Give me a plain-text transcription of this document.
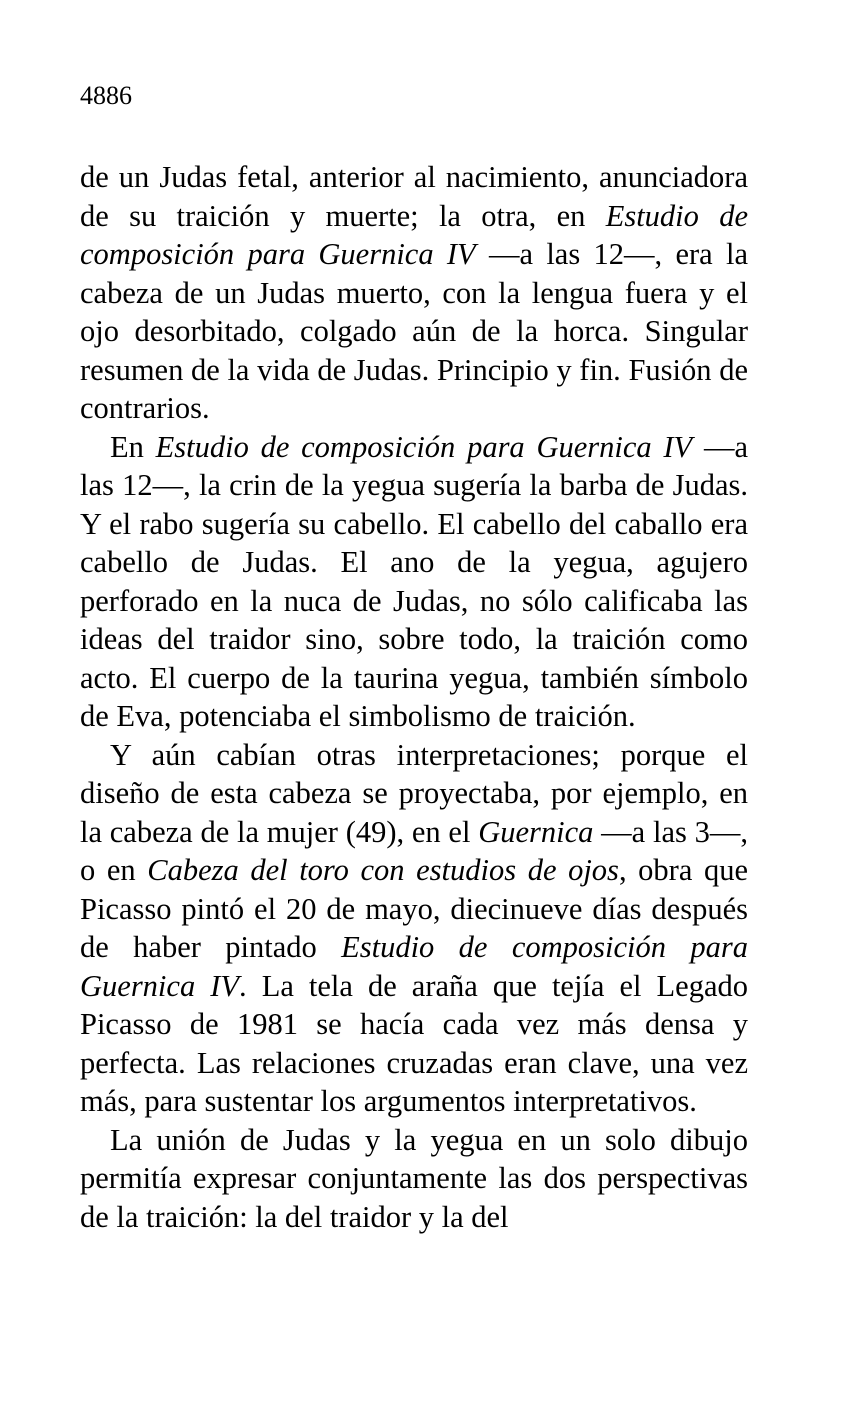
4886

de un Judas fetal, anterior al nacimiento, anunciadora de su traición y muerte; la otra, en Estudio de composición para Guernica IV —a las 12—, era la cabeza de un Judas muerto, con la lengua fuera y el ojo desorbitado, colgado aún de la horca. Singular resumen de la vida de Judas. Principio y fin. Fusión de contrarios.

En Estudio de composición para Guernica IV —a las 12—, la crin de la yegua sugería la barba de Judas. Y el rabo sugería su cabello. El cabello del caballo era cabello de Judas. El ano de la yegua, agujero perforado en la nuca de Judas, no sólo calificaba las ideas del traidor sino, sobre todo, la traición como acto. El cuerpo de la taurina yegua, también símbolo de Eva, potenciaba el simbolismo de traición.

Y aún cabían otras interpretaciones; porque el diseño de esta cabeza se proyectaba, por ejemplo, en la cabeza de la mujer (49), en el Guernica —a las 3—, o en Cabeza del toro con estudios de ojos, obra que Picasso pintó el 20 de mayo, diecinueve días después de haber pintado Estudio de composición para Guernica IV. La tela de araña que tejía el Legado Picasso de 1981 se hacía cada vez más densa y perfecta. Las relaciones cruzadas eran clave, una vez más, para sustentar los argumentos interpretativos.

La unión de Judas y la yegua en un solo dibujo permitía expresar conjuntamente las dos perspectivas de la traición: la del traidor y la del
